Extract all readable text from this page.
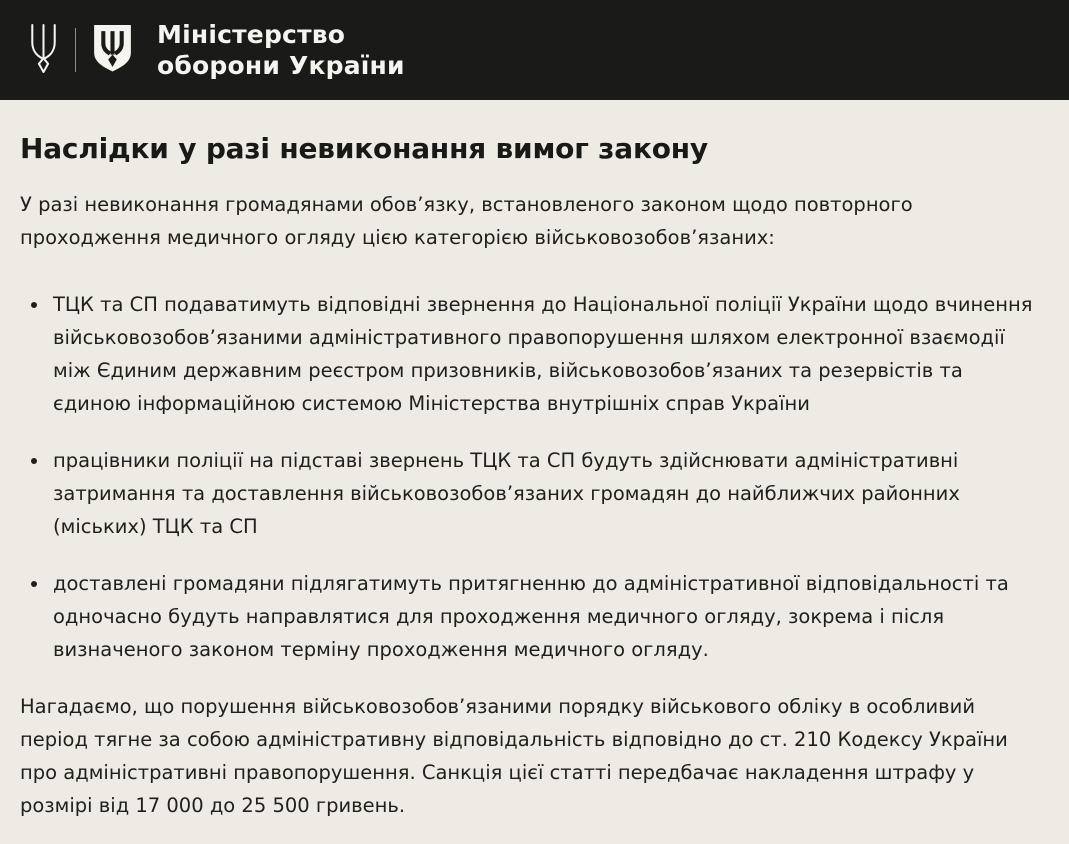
Міністерство
оборони України
Наслідки у разі невиконання вимог закону

У разі невиконання громадянами обов’язку, встановленого законом щодо повторного проходження медичного огляду цією категорією військовозобов’язаних:

• ТЦК та СП подаватимуть відповідні звернення до Національної поліції України щодо вчинення військовозобов’язаними адміністративного правопорушення шляхом електронної взаємодії між Єдиним державним реєстром призовників, військовозобов’язаних та резервістів та єдиною інформаційною системою Міністерства внутрішніх справ України
• працівники поліції на підставі звернень ТЦК та СП будуть здійснювати адміністративні затримання та доставлення військовозобов’язаних громадян до найближчих районних (міських) ТЦК та СП
• доставлені громадяни підлягатимуть притягненню до адміністративної відповідальності та одночасно будуть направлятися для проходження медичного огляду, зокрема і після визначеного законом терміну проходження медичного огляду.

Нагадаємо, що порушення військовозобов’язаними порядку військового обліку в особливий період тягне за собою адміністративну відповідальність відповідно до ст. 210 Кодексу України про адміністративні правопорушення. Санкція цієї статті передбачає накладення штрафу у розмірі від 17 000 до 25 500 гривень.
